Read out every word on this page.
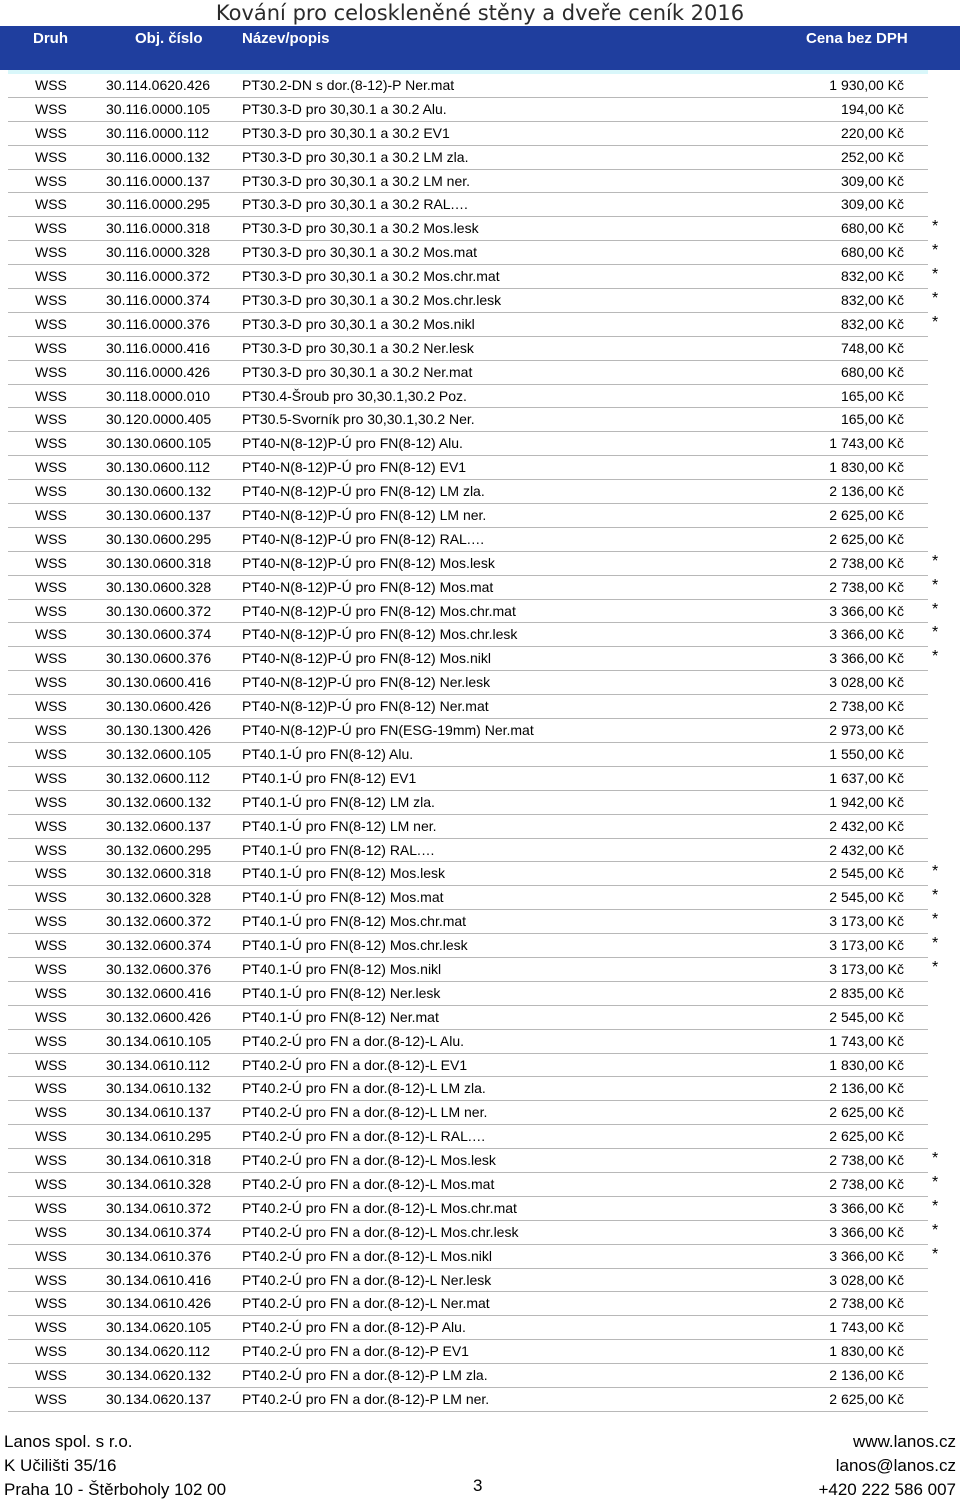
Kování pro celoskleněné stěny a dveře ceník 2016
Druh	Obj. číslo	Název/popis	Cena bez DPH
WSS	30.114.0620.426 PT30.2-DN s dor.(8-12)-P Ner.mat	1 930,00 Kč
WSS	30.116.0000.105 PT30.3-D pro 30,30.1 a 30.2 Alu.	194,00 Kč
WSS	30.116.0000.112 PT30.3-D pro 30,30.1 a 30.2 EV1	220,00 Kč
WSS	30.116.0000.132 PT30.3-D pro 30,30.1 a 30.2 LM zla.	252,00 Kč
WSS	30.116.0000.137 PT30.3-D pro 30,30.1 a 30.2 LM ner.	309,00 Kč
WSS	30.116.0000.295 PT30.3-D pro 30,30.1 a 30.2 RAL.…	309,00 Kč
WSS	30.116.0000.318 PT30.3-D pro 30,30.1 a 30.2 Mos.lesk	680,00 Kč *
WSS	30.116.0000.328 PT30.3-D pro 30,30.1 a 30.2 Mos.mat	680,00 Kč *
WSS	30.116.0000.372 PT30.3-D pro 30,30.1 a 30.2 Mos.chr.mat	832,00 Kč *
WSS	30.116.0000.374 PT30.3-D pro 30,30.1 a 30.2 Mos.chr.lesk	832,00 Kč *
WSS	30.116.0000.376 PT30.3-D pro 30,30.1 a 30.2 Mos.nikl	832,00 Kč *
WSS	30.116.0000.416 PT30.3-D pro 30,30.1 a 30.2 Ner.lesk	748,00 Kč
WSS	30.116.0000.426 PT30.3-D pro 30,30.1 a 30.2 Ner.mat	680,00 Kč
WSS	30.118.0000.010 PT30.4-Šroub pro 30,30.1,30.2 Poz.	165,00 Kč
WSS	30.120.0000.405 PT30.5-Svorník pro 30,30.1,30.2 Ner.	165,00 Kč
WSS	30.130.0600.105 PT40-N(8-12)P-Ú pro FN(8-12) Alu.	1 743,00 Kč
WSS	30.130.0600.112 PT40-N(8-12)P-Ú pro FN(8-12) EV1	1 830,00 Kč
WSS	30.130.0600.132 PT40-N(8-12)P-Ú pro FN(8-12) LM zla.	2 136,00 Kč
WSS	30.130.0600.137 PT40-N(8-12)P-Ú pro FN(8-12) LM ner.	2 625,00 Kč
WSS	30.130.0600.295 PT40-N(8-12)P-Ú pro FN(8-12) RAL.…	2 625,00 Kč
WSS	30.130.0600.318 PT40-N(8-12)P-Ú pro FN(8-12) Mos.lesk	2 738,00 Kč *
WSS	30.130.0600.328 PT40-N(8-12)P-Ú pro FN(8-12) Mos.mat	2 738,00 Kč *
WSS	30.130.0600.372 PT40-N(8-12)P-Ú pro FN(8-12) Mos.chr.mat	3 366,00 Kč *
WSS	30.130.0600.374 PT40-N(8-12)P-Ú pro FN(8-12) Mos.chr.lesk	3 366,00 Kč *
WSS	30.130.0600.376 PT40-N(8-12)P-Ú pro FN(8-12) Mos.nikl	3 366,00 Kč *
WSS	30.130.0600.416 PT40-N(8-12)P-Ú pro FN(8-12) Ner.lesk	3 028,00 Kč
WSS	30.130.0600.426 PT40-N(8-12)P-Ú pro FN(8-12) Ner.mat	2 738,00 Kč
WSS	30.130.1300.426 PT40-N(8-12)P-Ú pro FN(ESG-19mm) Ner.mat	2 973,00 Kč
WSS	30.132.0600.105 PT40.1-Ú pro FN(8-12) Alu.	1 550,00 Kč
WSS	30.132.0600.112 PT40.1-Ú pro FN(8-12) EV1	1 637,00 Kč
WSS	30.132.0600.132 PT40.1-Ú pro FN(8-12) LM zla.	1 942,00 Kč
WSS	30.132.0600.137 PT40.1-Ú pro FN(8-12) LM ner.	2 432,00 Kč
WSS	30.132.0600.295 PT40.1-Ú pro FN(8-12) RAL.…	2 432,00 Kč
WSS	30.132.0600.318 PT40.1-Ú pro FN(8-12) Mos.lesk	2 545,00 Kč *
WSS	30.132.0600.328 PT40.1-Ú pro FN(8-12) Mos.mat	2 545,00 Kč *
WSS	30.132.0600.372 PT40.1-Ú pro FN(8-12) Mos.chr.mat	3 173,00 Kč *
WSS	30.132.0600.374 PT40.1-Ú pro FN(8-12) Mos.chr.lesk	3 173,00 Kč *
WSS	30.132.0600.376 PT40.1-Ú pro FN(8-12) Mos.nikl	3 173,00 Kč *
WSS	30.132.0600.416 PT40.1-Ú pro FN(8-12) Ner.lesk	2 835,00 Kč
WSS	30.132.0600.426 PT40.1-Ú pro FN(8-12) Ner.mat	2 545,00 Kč
WSS	30.134.0610.105 PT40.2-Ú pro FN a dor.(8-12)-L Alu.	1 743,00 Kč
WSS	30.134.0610.112 PT40.2-Ú pro FN a dor.(8-12)-L EV1	1 830,00 Kč
WSS	30.134.0610.132 PT40.2-Ú pro FN a dor.(8-12)-L LM zla.	2 136,00 Kč
WSS	30.134.0610.137 PT40.2-Ú pro FN a dor.(8-12)-L LM ner.	2 625,00 Kč
WSS	30.134.0610.295 PT40.2-Ú pro FN a dor.(8-12)-L RAL.…	2 625,00 Kč
WSS	30.134.0610.318 PT40.2-Ú pro FN a dor.(8-12)-L Mos.lesk	2 738,00 Kč *
WSS	30.134.0610.328 PT40.2-Ú pro FN a dor.(8-12)-L Mos.mat	2 738,00 Kč *
WSS	30.134.0610.372 PT40.2-Ú pro FN a dor.(8-12)-L Mos.chr.mat	3 366,00 Kč *
WSS	30.134.0610.374 PT40.2-Ú pro FN a dor.(8-12)-L Mos.chr.lesk	3 366,00 Kč *
WSS	30.134.0610.376 PT40.2-Ú pro FN a dor.(8-12)-L Mos.nikl	3 366,00 Kč *
WSS	30.134.0610.416 PT40.2-Ú pro FN a dor.(8-12)-L Ner.lesk	3 028,00 Kč
WSS	30.134.0610.426 PT40.2-Ú pro FN a dor.(8-12)-L Ner.mat	2 738,00 Kč
WSS	30.134.0620.105 PT40.2-Ú pro FN a dor.(8-12)-P Alu.	1 743,00 Kč
WSS	30.134.0620.112 PT40.2-Ú pro FN a dor.(8-12)-P EV1	1 830,00 Kč
WSS	30.134.0620.132 PT40.2-Ú pro FN a dor.(8-12)-P LM zla.	2 136,00 Kč
WSS	30.134.0620.137 PT40.2-Ú pro FN a dor.(8-12)-P LM ner.	2 625,00 Kč
Lanos spol. s r.o.
K Učilišti 35/16
Praha 10 - Štěrboholy 102 00	3
www.lanos.cz
lanos@lanos.cz
+420 222 586 007
